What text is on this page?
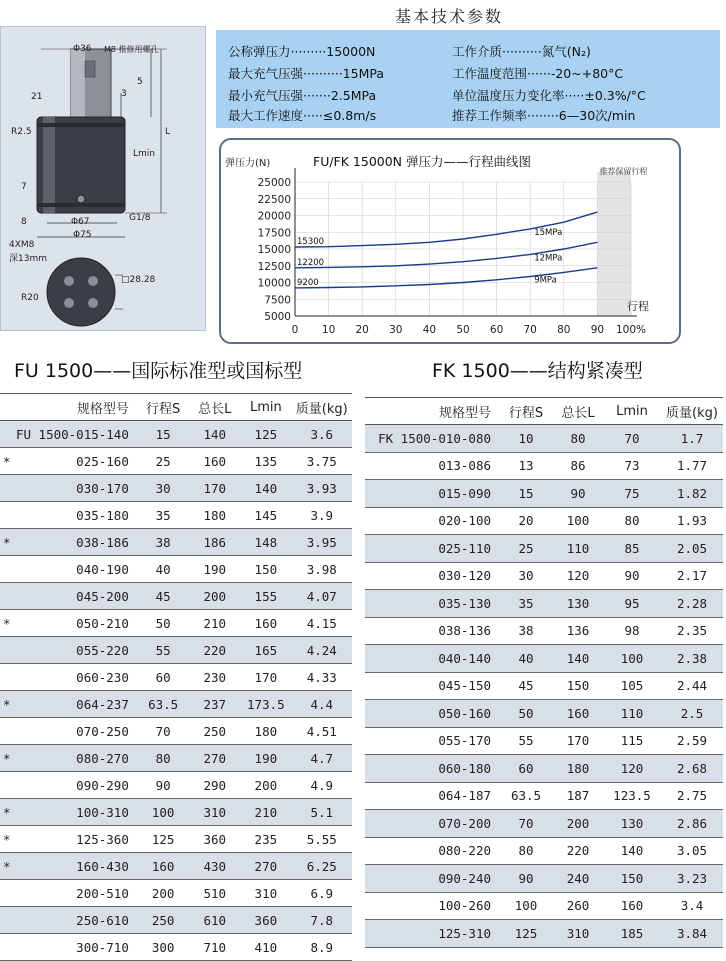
Φ36 M8 推修用螺孔
21
5
3
L
Lmin
R2.5
7
8	Φ67
Φ75
G1/8
4XM8
深13mm
□28.28
R20
基本技术参数
公称弹压力·········15000N	工作介质··········氮气(N₂)
最大充气压强··········15MPa	工作温度范围······-20~+80°C
最小充气压强·······2.5MPa	单位温度压力变化率·····±0.3%/°C
最大工作速度·····≤0.8m/s	推荐工作频率········6—30次/min
5000
7500
10000
12500
15000
17500
20000
22500
25000
0 10 20 30 40 50 60 70 80 90 100%
弹压力(N)	FU/FK 15000N 弹压力——行程曲线图
推荐保留行程
行程
15300
15MPa
12200	12MPa
9200	9MPa
FU 1500——国际标准型或国标型	FK 1500——结构紧凑型
规格型号		行程S	总长L	Lmin	质量(kg)
	FU 1500-015-140	15	140	125	3.6
*	025-160	25	160	135	3.75
	030-170	30	170	140	3.93
	035-180	35	180	145	3.9
*	038-186	38	186	148	3.95
	040-190	40	190	150	3.98
	045-200	45	200	155	4.07
*	050-210	50	210	160	4.15
	055-220	55	220	165	4.24
	060-230	60	230	170	4.33
*	064-237	63.5	237	173.5	4.4
	070-250	70	250	180	4.51
*	080-270	80	270	190	4.7
	090-290	90	290	200	4.9
*	100-310	100	310	210	5.1
*	125-360	125	360	235	5.55
*	160-430	160	430	270	6.25
	200-510	200	510	310	6.9
	250-610	250	610	360	7.8
	300-710	300	710	410	8.9
规格型号	行程S	总长L	Lmin	质量(kg)
FK 1500-010-080	10	80	70	1.7
013-086	13	86	73	1.77
015-090	15	90	75	1.82
020-100	20	100	80	1.93
025-110	25	110	85	2.05
030-120	30	120	90	2.17
035-130	35	130	95	2.28
038-136	38	136	98	2.35
040-140	40	140	100	2.38
045-150	45	150	105	2.44
050-160	50	160	110	2.5
055-170	55	170	115	2.59
060-180	60	180	120	2.68
064-187	63.5	187	123.5	2.75
070-200	70	200	130	2.86
080-220	80	220	140	3.05
090-240	90	240	150	3.23
100-260	100	260	160	3.4
125-310	125	310	185	3.84
